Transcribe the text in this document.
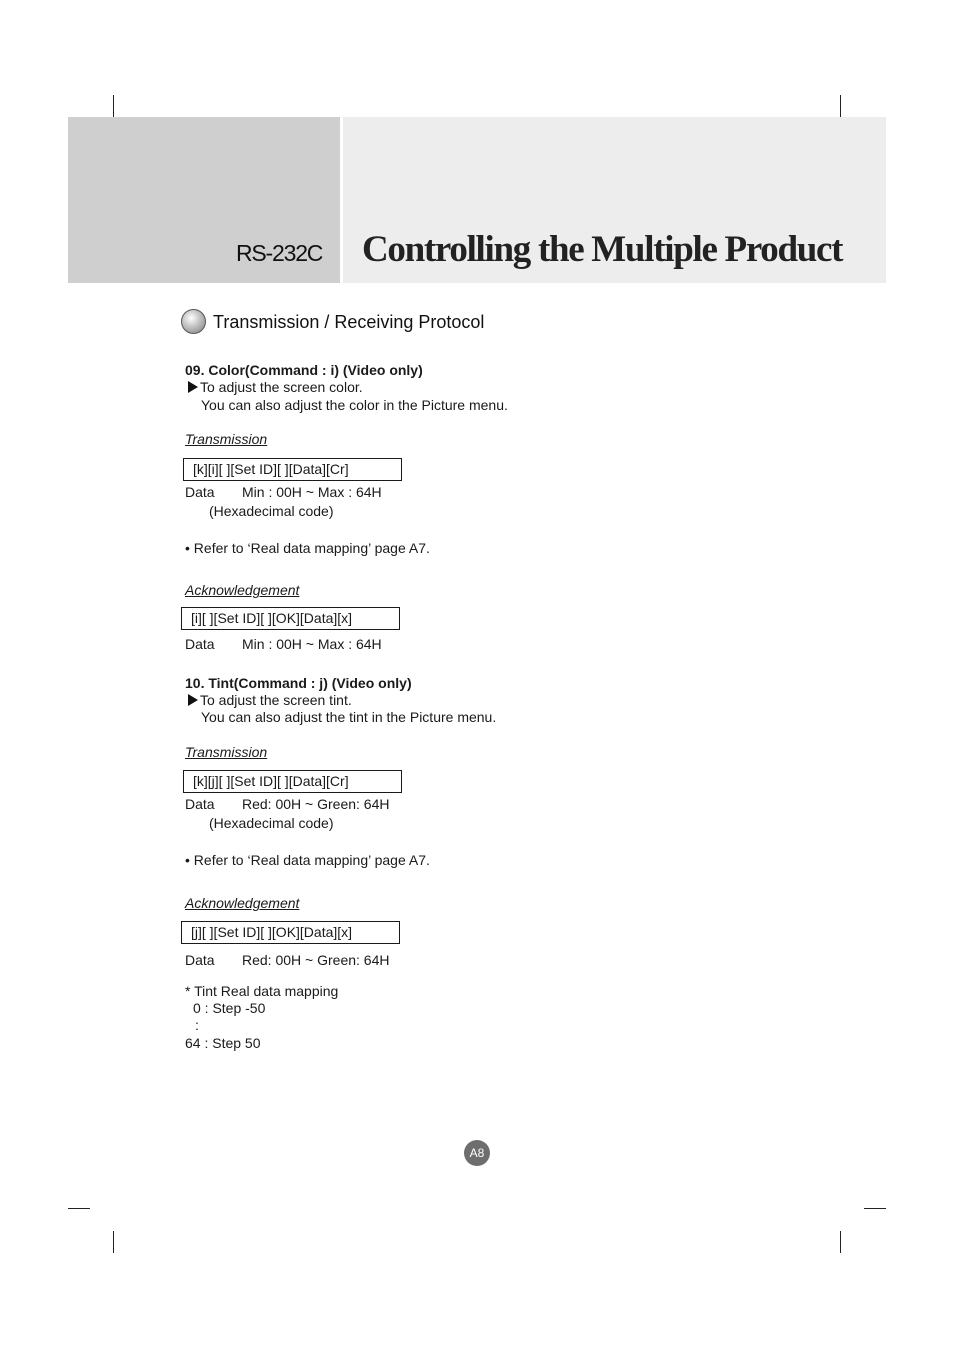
RS-232C Controlling the Multiple Product
Transmission / Receiving Protocol
09. Color(Command : i) (Video only)
To adjust the screen color.
You can also adjust the color in the Picture menu.
Transmission
[k][i][ ][Set ID][ ][Data][Cr]
Data Min : 00H ~ Max : 64H
(Hexadecimal code)
• Refer to ‘Real data mapping’ page A7.
Acknowledgement
[i][ ][Set ID][ ][OK][Data][x]
Data Min : 00H ~ Max : 64H
10. Tint(Command : j) (Video only)
To adjust the screen tint.
You can also adjust the tint in the Picture menu.
Transmission
[k][j][ ][Set ID][ ][Data][Cr]
Data Red: 00H ~ Green: 64H
(Hexadecimal code)
• Refer to ‘Real data mapping’ page A7.
Acknowledgement
[j][ ][Set ID][ ][OK][Data][x]
Data Red: 00H ~ Green: 64H
* Tint Real data mapping
0 : Step -50
:
64 : Step 50
A8
